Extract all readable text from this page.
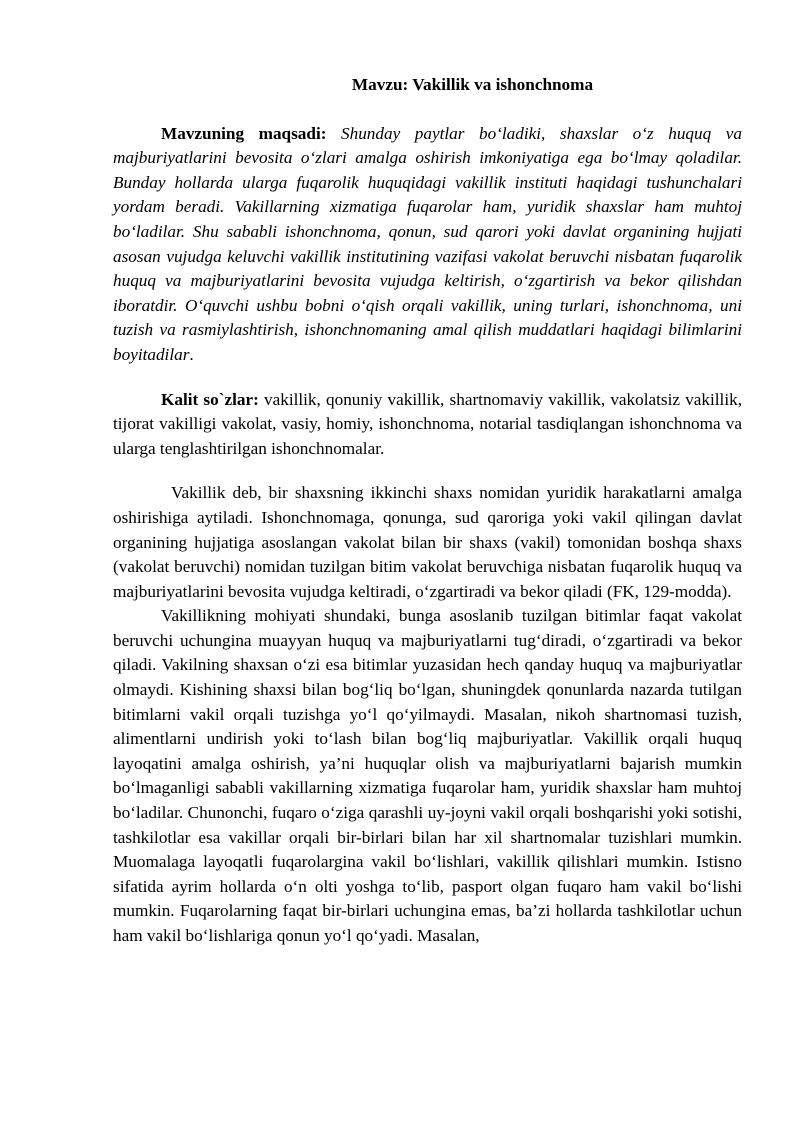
Mavzu: Vakillik va ishonchnoma

Mavzuning maqsadi: Shunday paytlar bo‘ladiki, shaxslar o‘z huquq va majburiyatlarini bevosita o‘zlari amalga oshirish imkoniyatiga ega bo‘lmay qoladilar. Bunday hollarda ularga fuqarolik huquqidagi vakillik instituti haqidagi tushunchalari yordam beradi. Vakillarning xizmatiga fuqarolar ham, yuridik shaxslar ham muhtoj bo‘ladilar. Shu sababli ishonchnoma, qonun, sud qarori yoki davlat organining hujjati asosan vujudga keluvchi vakillik institutining vazifasi vakolat beruvchi nisbatan fuqarolik huquq va majburiyatlarini bevosita vujudga keltirish, o‘zgartirish va bekor qilishdan iboratdir. O‘quvchi ushbu bobni o‘qish orqali vakillik, uning turlari, ishonchnoma, uni tuzish va rasmiylashtirish, ishonchnomaning amal qilish muddatlari haqidagi bilimlarini boyitadilar.

Kalit so`zlar: vakillik, qonuniy vakillik, shartnomaviy vakillik, vakolatsiz vakillik, tijorat vakilligi vakolat, vasiy, homiy, ishonchnoma, notarial tasdiqlangan ishonchnoma va ularga tenglashtirilgan ishonchnomalar.

Vakillik deb, bir shaxsning ikkinchi shaxs nomidan yuridik harakatlarni amalga oshirishiga aytiladi. Ishonchnomaga, qonunga, sud qaroriga yoki vakil qilingan davlat organining hujjatiga asoslangan vakolat bilan bir shaxs (vakil) tomonidan boshqa shaxs (vakolat beruvchi) nomidan tuzilgan bitim vakolat beruvchiga nisbatan fuqarolik huquq va majburiyatlarini bevosita vujudga keltiradi, o‘zgartiradi va bekor qiladi (FK, 129-modda).

Vakillikning mohiyati shundaki, bunga asoslanib tuzilgan bitimlar faqat vakolat beruvchi uchungina muayyan huquq va majburiyatlarni tug‘diradi, o‘zgartiradi va bekor qiladi. Vakilning shaxsan o‘zi esa bitimlar yuzasidan hech qanday huquq va majburiyatlar olmaydi. Kishining shaxsi bilan bog‘liq bo‘lgan, shuningdek qonunlarda nazarda tutilgan bitimlarni vakil orqali tuzishga yo‘l qo‘yilmaydi. Masalan, nikoh shartnomasi tuzish, alimentlarni undirish yoki to‘lash bilan bog‘liq majburiyatlar. Vakillik orqali huquq layoqatini amalga oshirish, ya’ni huquqlar olish va majburiyatlarni bajarish mumkin bo‘lmaganligi sababli vakillarning xizmatiga fuqarolar ham, yuridik shaxslar ham muhtoj bo‘ladilar. Chunonchi, fuqaro o‘ziga qarashli uy-joyni vakil orqali boshqarishi yoki sotishi, tashkilotlar esa vakillar orqali bir-birlari bilan har xil shartnomalar tuzishlari mumkin. Muomalaga layoqatli fuqarolargina vakil bo‘lishlari, vakillik qilishlari mumkin. Istisno sifatida ayrim hollarda o‘n olti yoshga to‘lib, pasport olgan fuqaro ham vakil bo‘lishi mumkin. Fuqarolarning faqat bir-birlari uchungina emas, ba’zi hollarda tashkilotlar uchun ham vakil bo‘lishlariga qonun yo‘l qo‘yadi. Masalan,
